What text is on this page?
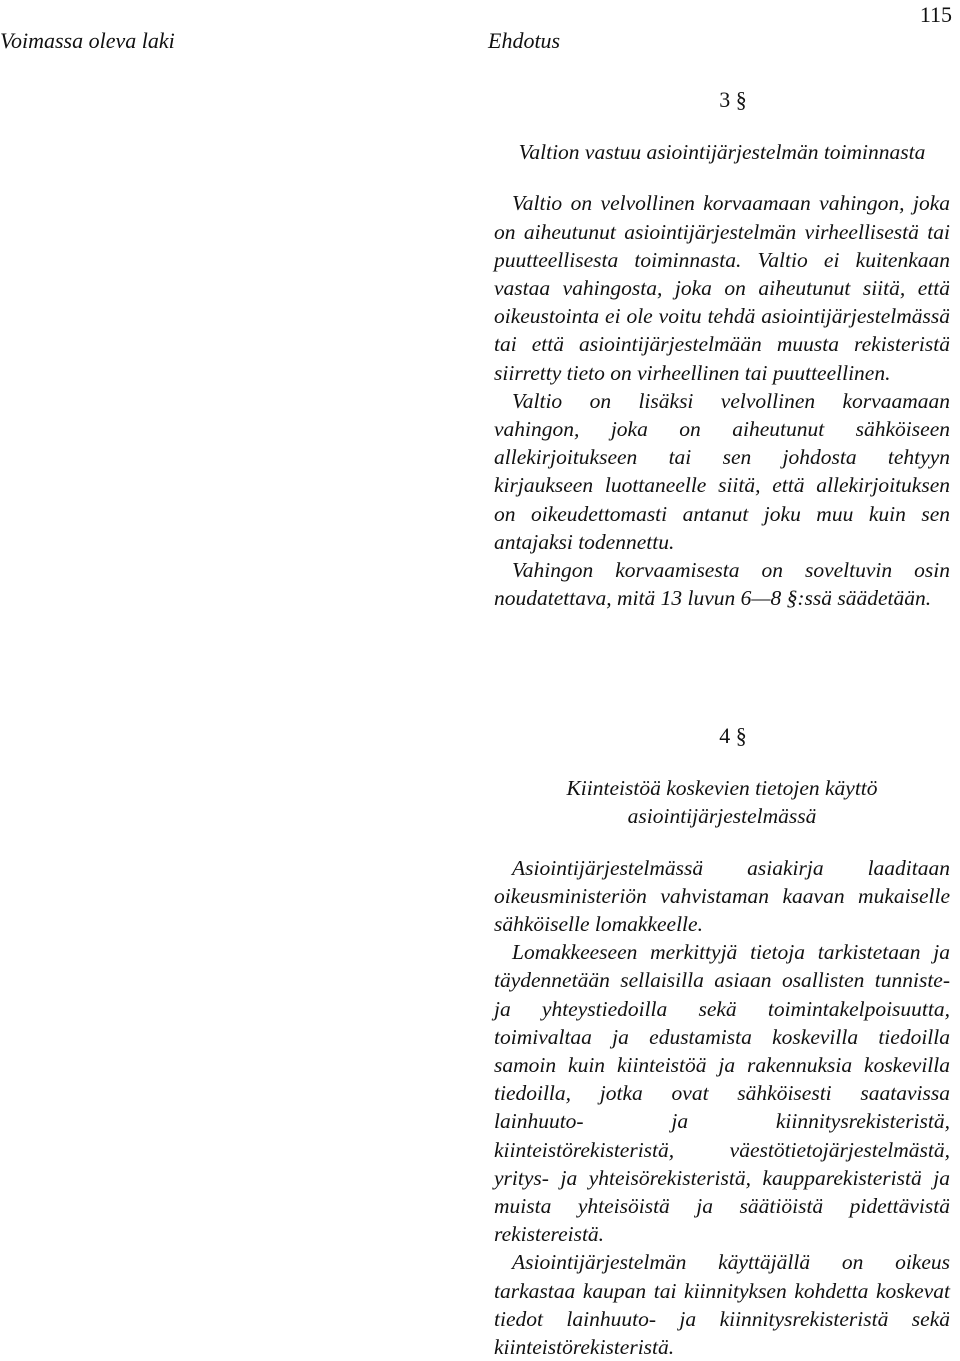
115
Voimassa oleva laki	Ehdotus

3 §

Valtion vastuu asiointijärjestelmän toiminnasta

Valtio on velvollinen korvaamaan vahingon, joka on aiheutunut asiointijärjestelmän virheellisestä tai puutteellisesta toiminnasta. Valtio ei kuitenkaan vastaa vahingosta, joka on aiheutunut siitä, että oikeustointa ei ole voitu tehdä asiointijärjestelmässä tai että asiointijärjestelmään muusta rekisteristä siirretty tieto on virheellinen tai puutteellinen.

Valtio on lisäksi velvollinen korvaamaan vahingon, joka on aiheutunut sähköiseen allekirjoitukseen tai sen johdosta tehtyyn kirjaukseen luottaneelle siitä, että allekirjoituksen on oikeudettomasti antanut joku muu kuin sen antajaksi todennettu.

Vahingon korvaamisesta on soveltuvin osin noudatettava, mitä 13 luvun 6—8 §:ssä säädetään.

4 §

Kiinteistöä koskevien tietojen käyttö asiointijärjestelmässä

Asiointijärjestelmässä asiakirja laaditaan oikeusministeriön vahvistaman kaavan mukaiselle sähköiselle lomakkeelle.

Lomakkeeseen merkittyjä tietoja tarkistetaan ja täydennetään sellaisilla asiaan osallisten tunniste- ja yhteystiedoilla sekä toimintakelpoisuutta, toimivaltaa ja edustamista koskevilla tiedoilla samoin kuin kiinteistöä ja rakennuksia koskevilla tiedoilla, jotka ovat sähköisesti saatavissa lainhuuto- ja kiinnitysrekisteristä, kiinteistörekisteristä, väestötietojärjestelmästä, yritys- ja yhteisörekisteristä, kaupparekisteristä ja muista yhteisöistä ja säätiöistä pidettävistä rekistereistä.

Asiointijärjestelmän käyttäjällä on oikeus tarkastaa kaupan tai kiinnityksen kohdetta koskevat tiedot lainhuuto- ja kiinnitysrekisteristä sekä kiinteistörekisteristä.
